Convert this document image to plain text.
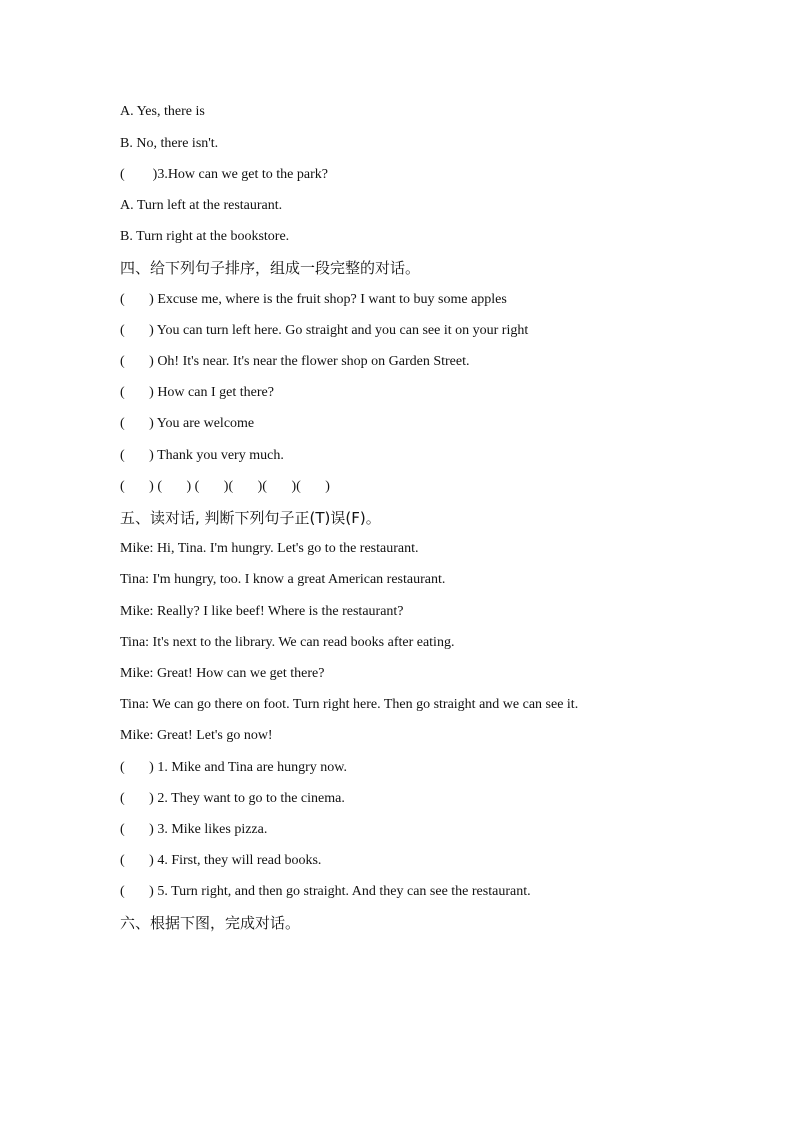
A. Yes, there is
B. No, there isn't.
(        )3.How can we get to the park?
A. Turn left at the restaurant.
B. Turn right at the bookstore.
四、给下列句子排序，组成一段完整的对话。
(       ) Excuse me, where is the fruit shop? I want to buy some apples
(       ) You can turn left here. Go straight and you can see it on your right
(       ) Oh! It's near. It's near the flower shop on Garden Street.
(       ) How can I get there?
(       ) You are welcome
(       ) Thank you very much.
(       ) (       ) (       )(       )(       )(       )
五、读对话, 判断下列句子正(T)误(F)。
Mike: Hi, Tina. I'm hungry. Let's go to the restaurant.
Tina: I'm hungry, too. I know a great American restaurant.
Mike: Really? I like beef! Where is the restaurant?
Tina: It's next to the library. We can read books after eating.
Mike: Great! How can we get there?
Tina: We can go there on foot. Turn right here. Then go straight and we can see it.
Mike: Great! Let's go now!
(       ) 1. Mike and Tina are hungry now.
(       ) 2. They want to go to the cinema.
(       ) 3. Mike likes pizza.
(       ) 4. First, they will read books.
(       ) 5. Turn right, and then go straight. And they can see the restaurant.
六、根据下图，完成对话。
